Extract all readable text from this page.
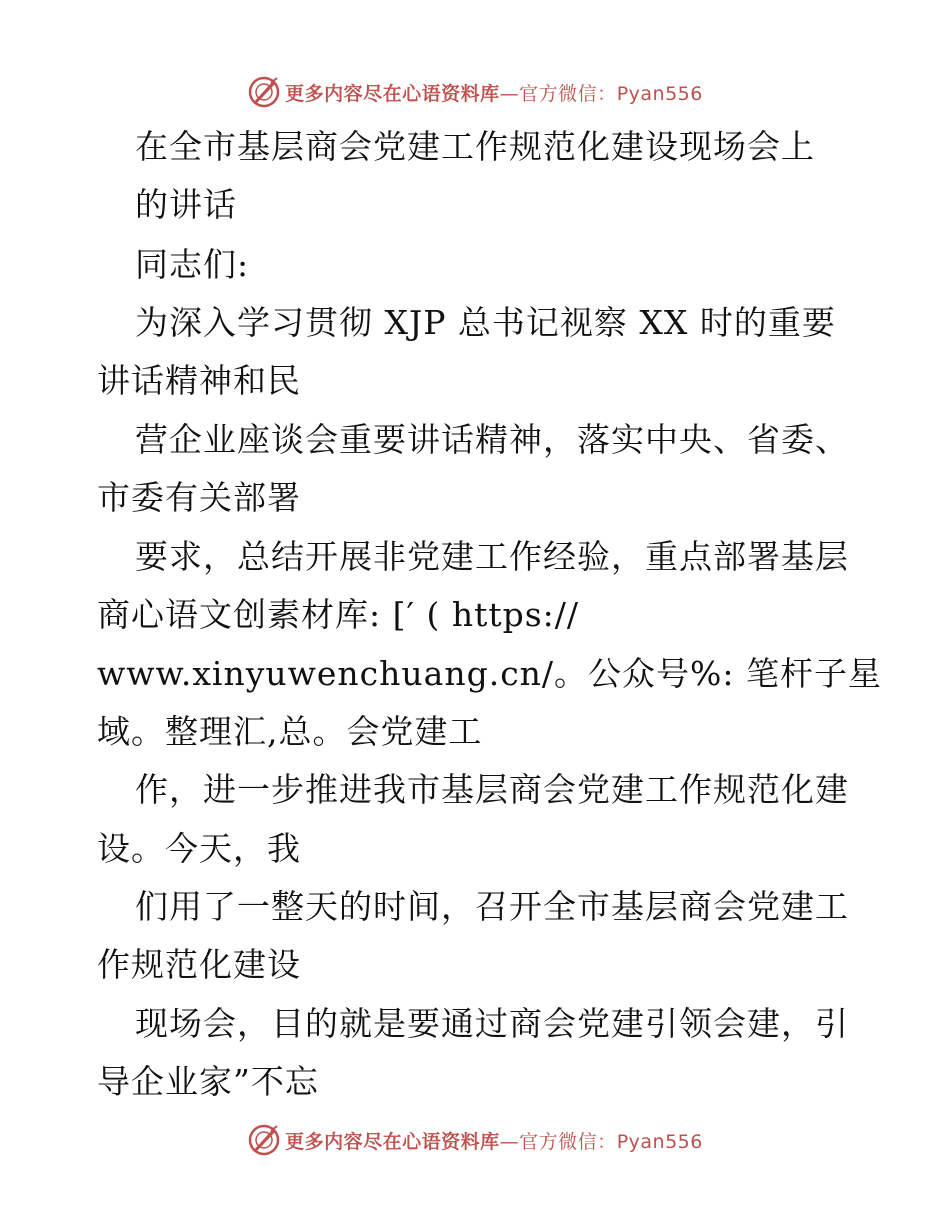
更多内容尽在心语资料库—官方微信：Pyan556
在全市基层商会党建工作规范化建设现场会上
的讲话
同志们:
为深入学习贯彻 XJP 总书记视察 XX 时的重要
讲话精神和民
营企业座谈会重要讲话精神，落实中央、省委、
市委有关部署
要求，总结开展非党建工作经验，重点部署基层
商心语文创素材库: [′ ( https://
www.xinyuwenchuang.cn/。公众号%: 笔杆子星
域。整理汇,总。会党建工
作，进一步推进我市基层商会党建工作规范化建
设。今天，我
们用了一整天的时间，召开全市基层商会党建工
作规范化建设
现场会，目的就是要通过商会党建引领会建，引
导企业家”不忘
更多内容尽在心语资料库—官方微信：Pyan556
